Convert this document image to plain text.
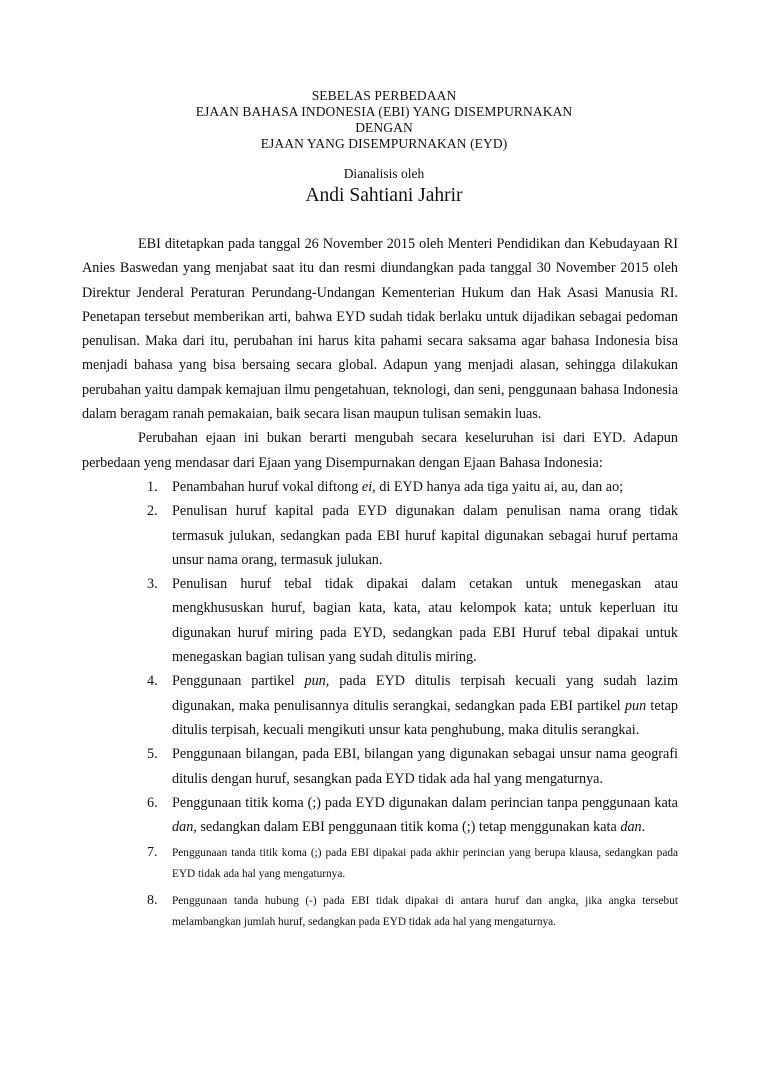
SEBELAS PERBEDAAN
EJAAN BAHASA INDONESIA (EBI) YANG DISEMPURNAKAN
DENGAN
EJAAN YANG DISEMPURNAKAN (EYD)
Dianalisis oleh
Andi Sahtiani Jahrir

EBI ditetapkan pada tanggal 26 November 2015 oleh Menteri Pendidikan dan Kebudayaan RI Anies Baswedan yang menjabat saat itu dan resmi diundangkan pada tanggal 30 November 2015 oleh Direktur Jenderal Peraturan Perundang-Undangan Kementerian Hukum dan Hak Asasi Manusia RI. Penetapan tersebut memberikan arti, bahwa EYD sudah tidak berlaku untuk dijadikan sebagai pedoman penulisan. Maka dari itu, perubahan ini harus kita pahami secara saksama agar bahasa Indonesia bisa menjadi bahasa yang bisa bersaing secara global. Adapun yang menjadi alasan, sehingga dilakukan perubahan yaitu dampak kemajuan ilmu pengetahuan, teknologi, dan seni, penggunaan bahasa Indonesia dalam beragam ranah pemakaian, baik secara lisan maupun tulisan semakin luas.

Perubahan ejaan ini bukan berarti mengubah secara keseluruhan isi dari EYD. Adapun perbedaan yeng mendasar dari Ejaan yang Disempurnakan dengan Ejaan Bahasa Indonesia:

1. Penambahan huruf vokal diftong ei, di EYD hanya ada tiga yaitu ai, au, dan ao;
2. Penulisan huruf kapital pada EYD digunakan dalam penulisan nama orang tidak termasuk julukan, sedangkan pada EBI huruf kapital digunakan sebagai huruf pertama unsur nama orang, termasuk julukan.
3. Penulisan huruf tebal tidak dipakai dalam cetakan untuk menegaskan atau mengkhususkan huruf, bagian kata, kata, atau kelompok kata; untuk keperluan itu digunakan huruf miring pada EYD, sedangkan pada EBI Huruf tebal dipakai untuk menegaskan bagian tulisan yang sudah ditulis miring.
4. Penggunaan partikel pun, pada EYD ditulis terpisah kecuali yang sudah lazim digunakan, maka penulisannya ditulis serangkai, sedangkan pada EBI partikel pun tetap ditulis terpisah, kecuali mengikuti unsur kata penghubung, maka ditulis serangkai.
5. Penggunaan bilangan, pada EBI, bilangan yang digunakan sebagai unsur nama geografi ditulis dengan huruf, sesangkan pada EYD tidak ada hal yang mengaturnya.
6. Penggunaan titik koma (;) pada EYD digunakan dalam perincian tanpa penggunaan kata dan, sedangkan dalam EBI penggunaan titik koma (;) tetap menggunakan kata dan.
7. Penggunaan tanda titik koma (;) pada EBI dipakai pada akhir perincian yang berupa klausa, sedangkan pada EYD tidak ada hal yang mengaturnya.
8. Penggunaan tanda hubung (-) pada EBI tidak dipakai di antara huruf dan angka, jika angka tersebut melambangkan jumlah huruf, sedangkan pada EYD tidak ada hal yang mengaturnya.
